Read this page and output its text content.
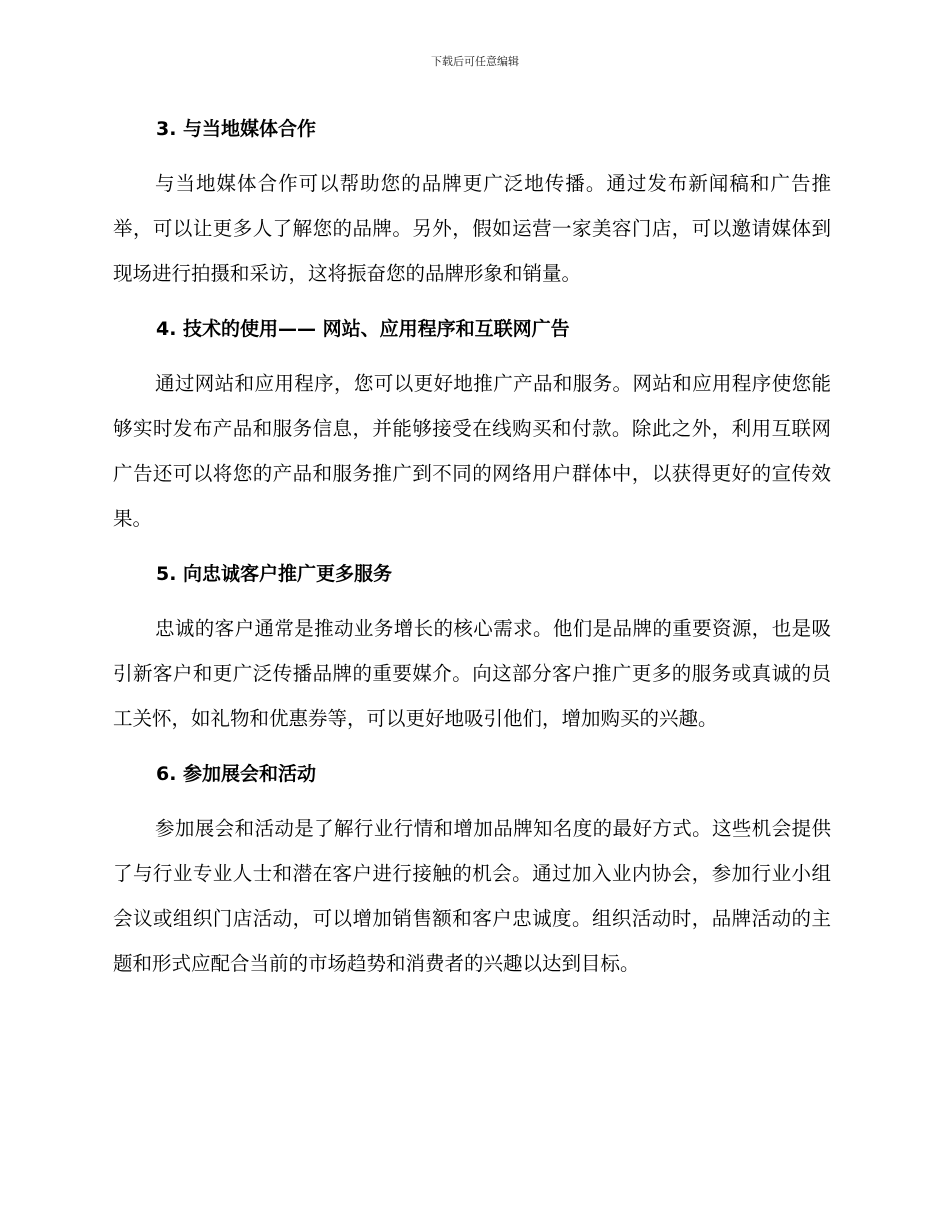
下载后可任意编辑
3. 与当地媒体合作

与当地媒体合作可以帮助您的品牌更广泛地传播。通过发布新闻稿和广告推举，可以让更多人了解您的品牌。另外，假如运营一家美容门店，可以邀请媒体到现场进行拍摄和采访，这将振奋您的品牌形象和销量。

4. 技术的使用—— 网站、应用程序和互联网广告

通过网站和应用程序，您可以更好地推广产品和服务。网站和应用程序使您能够实时发布产品和服务信息，并能够接受在线购买和付款。除此之外，利用互联网广告还可以将您的产品和服务推广到不同的网络用户群体中，以获得更好的宣传效果。

5. 向忠诚客户推广更多服务

忠诚的客户通常是推动业务增长的核心需求。他们是品牌的重要资源，也是吸引新客户和更广泛传播品牌的重要媒介。向这部分客户推广更多的服务或真诚的员工关怀，如礼物和优惠券等，可以更好地吸引他们，增加购买的兴趣。

6. 参加展会和活动

参加展会和活动是了解行业行情和增加品牌知名度的最好方式。这些机会提供了与行业专业人士和潜在客户进行接触的机会。通过加入业内协会，参加行业小组会议或组织门店活动，可以增加销售额和客户忠诚度。组织活动时，品牌活动的主题和形式应配合当前的市场趋势和消费者的兴趣以达到目标。
